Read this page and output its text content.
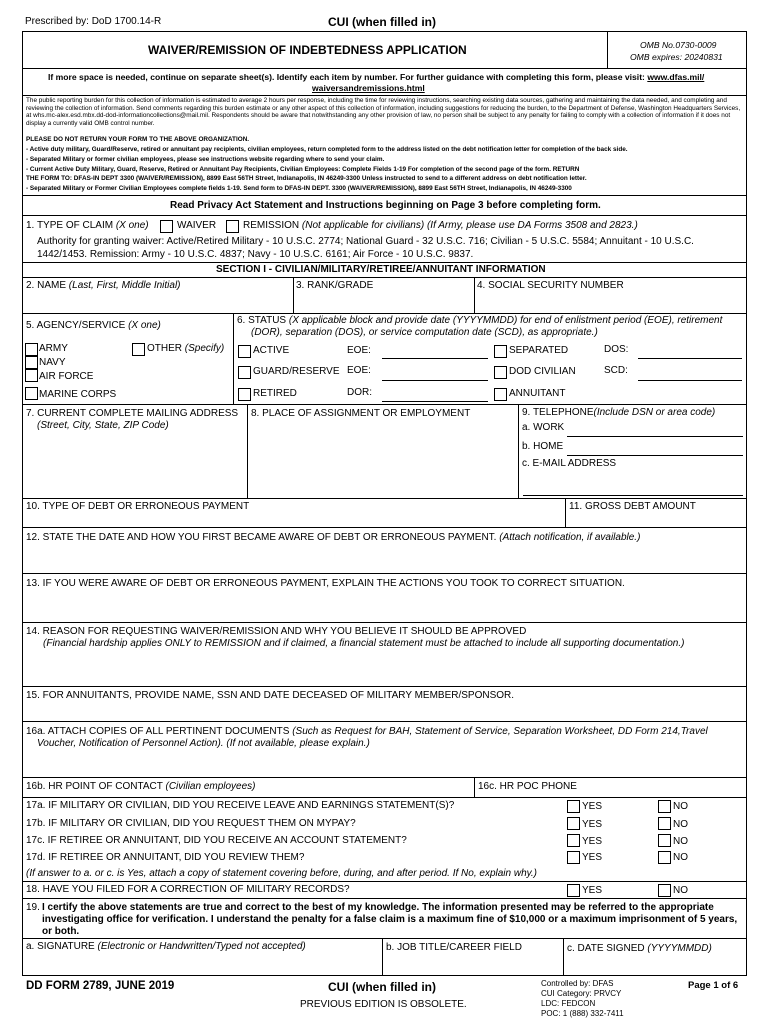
Prescribed by: DoD 1700.14-R	CUI (when filled in)
WAIVER/REMISSION OF INDEBTEDNESS APPLICATION	OMB No.0730-0009
OMB expires: 20240831
If more space is needed, continue on separate sheet(s). Identify each item by number. For further guidance with completing this form, please visit: www.dfas.mil/
waiversandremissions.html
The public reporting burden for this collection of information is estimated to average 2 hours per response, including the time for reviewing instructions, searching existing data sources, gathering and maintaining the data needed, and completing and reviewing the collection of information. Send comments regarding this burden estimate or any other aspect of this collection of information, including suggestions for reducing the burden, to the Department of Defense, Washington Headquarters Services, at whs.mc-alex.esd.mbx.dd-dod-informationcollections@mail.mil. Respondents should be aware that notwithstanding any other provision of law, no person shall be subject to any penalty for failing to comply with a collection of information if it does not display a currently valid OMB control number.
PLEASE DO NOT RETURN YOUR FORM TO THE ABOVE ORGANIZATION.
- Active duty military, Guard/Reserve, retired or annuitant pay recipients, civilian employees, return completed form to the address listed on the debt notification letter for completion of the back side.
- Separated Military or former civilian employees, please see instructions website regarding where to send your claim.
- Current Active Duty Military, Guard, Reserve, Retired or Annuitant Pay Recipients, Civilian Employees: Complete Fields 1-19 For completion of the second page of the form. RETURN
THE FORM TO: DFAS-IN DEPT 3300 (WAIVER/REMISSION), 8899 East 56TH Street, Indianapolis, IN 46249-3300 Unless instructed to send to a different address on debt notification letter.
- Separated Military or Former Civilian Employees complete fields 1-19. Send form to DFAS-IN DEPT. 3300 (WAIVER/REMISSION), 8899 East 56TH Street, Indianapolis, IN 46249-3300
Read Privacy Act Statement and Instructions beginning on Page 3 before completing form.
1. TYPE OF CLAIM (X one)	WAIVER	REMISSION (Not applicable for civilians) (If Army, please use DA Forms 3508 and 2823.)
Authority for granting waiver: Active/Retired Military - 10 U.S.C. 2774; National Guard - 32 U.S.C. 716; Civilian - 5 U.S.C. 5584; Annuitant - 10 U.S.C.
1442/1453. Remission: Army - 10 U.S.C. 4837; Navy - 10 U.S.C. 6161; Air Force - 10 U.S.C. 9837.
SECTION I - CIVILIAN/MILITARY/RETIREE/ANNUITANT INFORMATION
2. NAME (Last, First, Middle Initial)	3. RANK/GRADE	4. SOCIAL SECURITY NUMBER
5. AGENCY/SERVICE (X one)
ARMY	OTHER (Specify)
NAVY
AIR FORCE
MARINE CORPS
6. STATUS (X applicable block and provide date (YYYYMMDD) for end of enlistment period (EOE), retirement
(DOR), separation (DOS), or service computation date (SCD), as appropriate.)
ACTIVE	EOE:	SEPARATED	DOS:
GUARD/RESERVE EOE:	DOD CIVILIAN	SCD:
RETIRED	DOR:	ANNUITANT
7. CURRENT COMPLETE MAILING ADDRESS
(Street, City, State, ZIP Code)
8. PLACE OF ASSIGNMENT OR EMPLOYMENT	9. TELEPHONE(Include DSN or area code)
a. WORK
b. HOME
c. E-MAIL ADDRESS
10. TYPE OF DEBT OR ERRONEOUS PAYMENT	11. GROSS DEBT AMOUNT
12. STATE THE DATE AND HOW YOU FIRST BECAME AWARE OF DEBT OR ERRONEOUS PAYMENT. (Attach notification, if available.)
13. IF YOU WERE AWARE OF DEBT OR ERRONEOUS PAYMENT, EXPLAIN THE ACTIONS YOU TOOK TO CORRECT SITUATION.
14. REASON FOR REQUESTING WAIVER/REMISSION AND WHY YOU BELIEVE IT SHOULD BE APPROVED
(Financial hardship applies ONLY to REMISSION and if claimed, a financial statement must be attached to include all supporting documentation.)
15. FOR ANNUITANTS, PROVIDE NAME, SSN AND DATE DECEASED OF MILITARY MEMBER/SPONSOR.
16a. ATTACH COPIES OF ALL PERTINENT DOCUMENTS (Such as Request for BAH, Statement of Service, Separation Worksheet, DD Form 214,Travel
Voucher, Notification of Personnel Action). (If not available, please explain.)
16b. HR POINT OF CONTACT (Civilian employees)	16c. HR POC PHONE
17a. IF MILITARY OR CIVILIAN, DID YOU RECEIVE LEAVE AND EARNINGS STATEMENT(S)?	YES	NO
17b. IF MILITARY OR CIVILIAN, DID YOU REQUEST THEM ON MYPAY?	YES	NO
17c. IF RETIREE OR ANNUITANT, DID YOU RECEIVE AN ACCOUNT STATEMENT?	YES	NO
17d. IF RETIREE OR ANNUITANT, DID YOU REVIEW THEM?	YES	NO
(If answer to a. or c. is Yes, attach a copy of statement covering before, during, and after period. If No, explain why.)
18. HAVE YOU FILED FOR A CORRECTION OF MILITARY RECORDS?	YES	NO
19. I certify the above statements are true and correct to the best of my knowledge. The information presented may be referred to the appropriate
investigating office for verification. I understand the penalty for a false claim is a maximum fine of $10,000 or a maximum imprisonment of 5 years,
or both.
a. SIGNATURE (Electronic or Handwritten/Typed not accepted)	b. JOB TITLE/CAREER FIELD	c. DATE SIGNED (YYYYMMDD)
DD FORM 2789, JUNE 2019	CUI (when filled in)
PREVIOUS EDITION IS OBSOLETE.
Controlled by: DFAS
CUI Category: PRVCY
LDC: FEDCON
POC: 1 (888) 332-7411
Page 1 of 6
